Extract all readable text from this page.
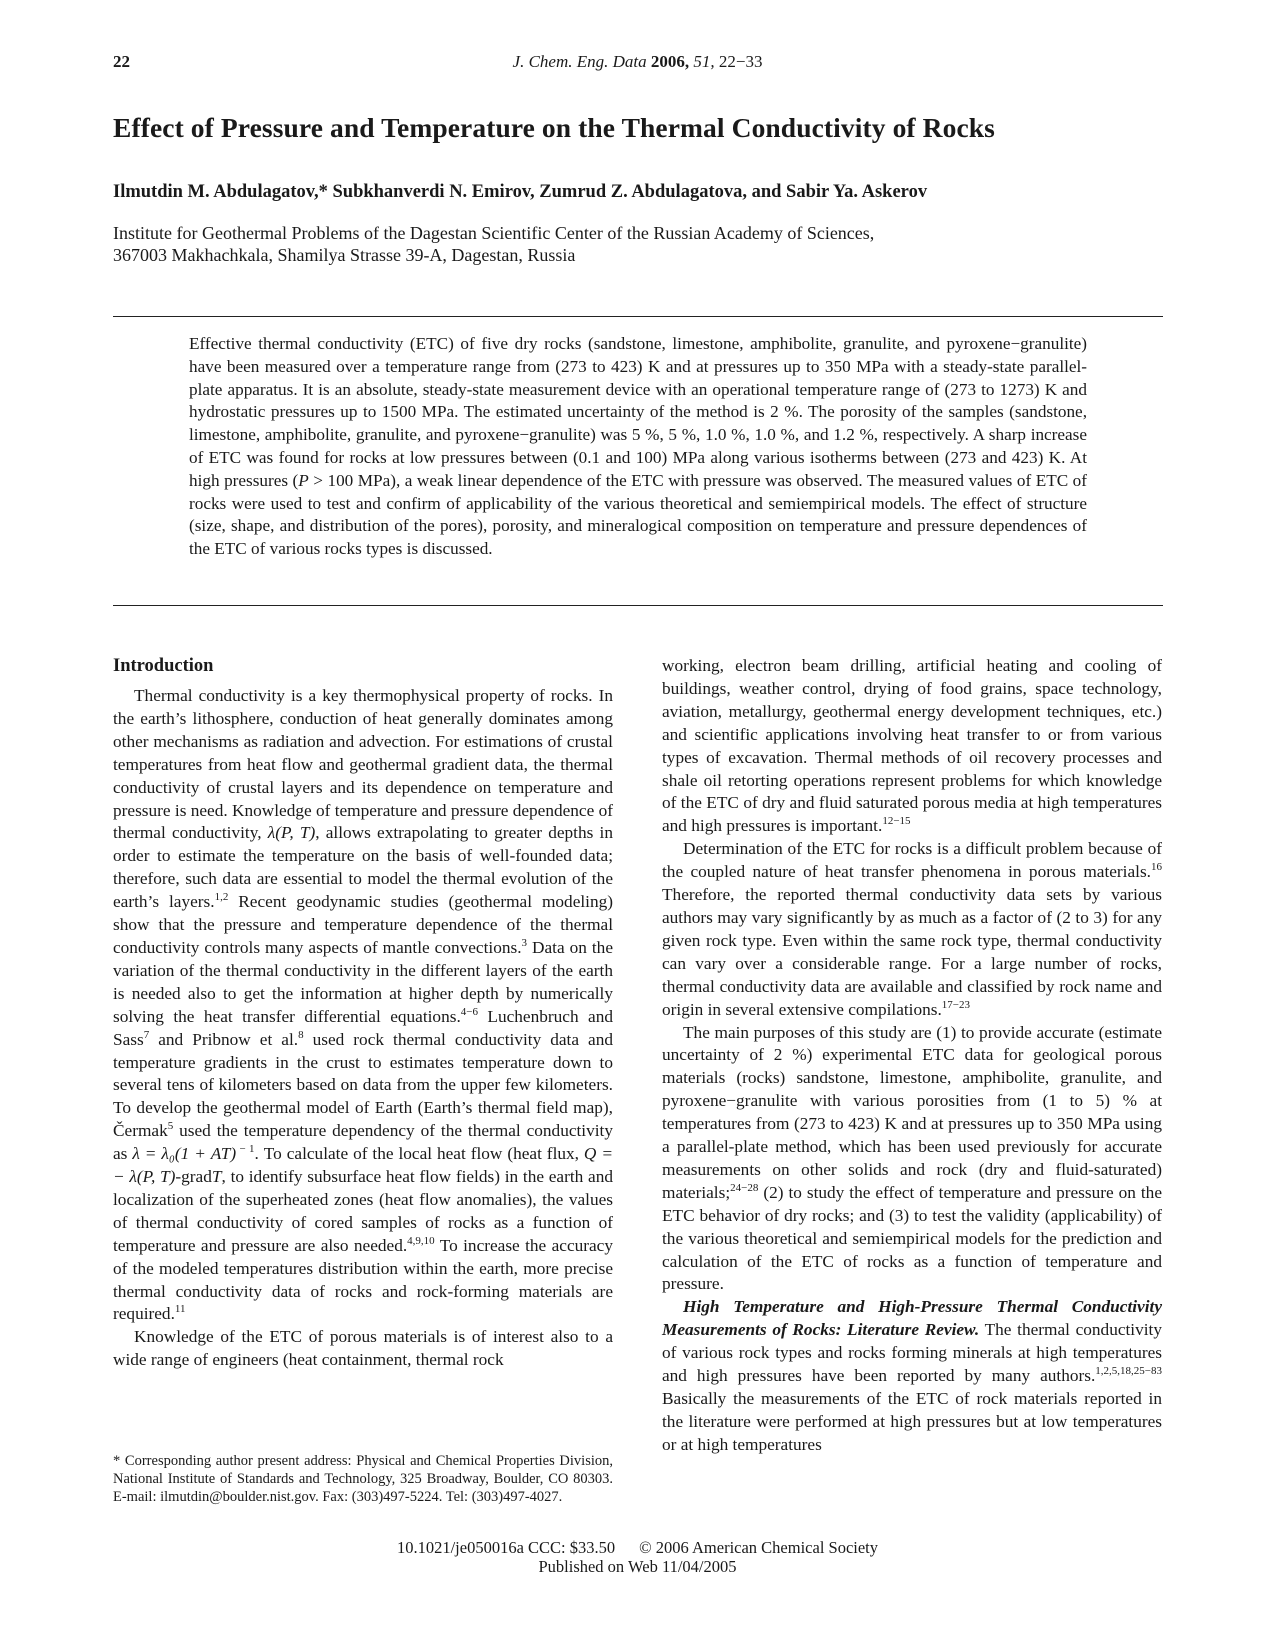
22	J. Chem. Eng. Data 2006, 51, 22−33
Effect of Pressure and Temperature on the Thermal Conductivity of Rocks
Ilmutdin M. Abdulagatov,* Subkhanverdi N. Emirov, Zumrud Z. Abdulagatova, and Sabir Ya. Askerov
Institute for Geothermal Problems of the Dagestan Scientific Center of the Russian Academy of Sciences,
367003 Makhachkala, Shamilya Strasse 39-A, Dagestan, Russia
Effective thermal conductivity (ETC) of five dry rocks (sandstone, limestone, amphibolite, granulite, and pyroxene−granulite) have been measured over a temperature range from (273 to 423) K and at pressures up to 350 MPa with a steady-state parallel-plate apparatus. It is an absolute, steady-state measurement device with an operational temperature range of (273 to 1273) K and hydrostatic pressures up to 1500 MPa. The estimated uncertainty of the method is 2 %. The porosity of the samples (sandstone, limestone, amphibolite, granulite, and pyroxene−granulite) was 5 %, 5 %, 1.0 %, 1.0 %, and 1.2 %, respectively. A sharp increase of ETC was found for rocks at low pressures between (0.1 and 100) MPa along various isotherms between (273 and 423) K. At high pressures (P > 100 MPa), a weak linear dependence of the ETC with pressure was observed. The measured values of ETC of rocks were used to test and confirm of applicability of the various theoretical and semiempirical models. The effect of structure (size, shape, and distribution of the pores), porosity, and mineralogical composition on temperature and pressure dependences of the ETC of various rocks types is discussed.
Introduction

Thermal conductivity is a key thermophysical property of rocks. In the earth’s lithosphere, conduction of heat generally dominates among other mechanisms as radiation and advection. For estimations of crustal temperatures from heat flow and geothermal gradient data, the thermal conductivity of crustal layers and its dependence on temperature and pressure is need. Knowledge of temperature and pressure dependence of thermal conductivity, λ(P, T), allows extrapolating to greater depths in order to estimate the temperature on the basis of well-founded data; therefore, such data are essential to model the thermal evolution of the earth’s layers.$^{1,2}$ Recent geodynamic studies (geothermal modeling) show that the pressure and temperature dependence of the thermal conductivity controls many aspects of mantle convections.$^3$ Data on the variation of the thermal conductivity in the different layers of the earth is needed also to get the information at higher depth by numerically solving the heat transfer differential equations.$^{4-6}$ Luchenbruch and Sass$^7$ and Pribnow et al.$^8$ used rock thermal conductivity data and temperature gradients in the crust to estimates temperature down to several tens of kilometers based on data from the upper few kilometers. To develop the geothermal model of Earth (Earth’s thermal field map), Čermak$^5$ used the temperature dependency of the thermal conductivity as λ = λ₀(1 + AT) $^{- 1}$. To calculate of the local heat flow (heat flux, Q = − λ(P, T)-gradT, to identify subsurface heat flow fields) in the earth and localization of the superheated zones (heat flow anomalies), the values of thermal conductivity of cored samples of rocks as a function of temperature and pressure are also needed.$^{4,9,10}$ To increase the accuracy of the modeled temperatures distribution within the earth, more precise thermal conductivity data of rocks and rock-forming materials are required.$^{11}$

Knowledge of the ETC of porous materials is of interest also to a wide range of engineers (heat containment, thermal rock

working, electron beam drilling, artificial heating and cooling of buildings, weather control, drying of food grains, space technology, aviation, metallurgy, geothermal energy development techniques, etc.) and scientific applications involving heat transfer to or from various types of excavation. Thermal methods of oil recovery processes and shale oil retorting operations represent problems for which knowledge of the ETC of dry and fluid saturated porous media at high temperatures and high pressures is important.$^{12-15}$

Determination of the ETC for rocks is a difficult problem because of the coupled nature of heat transfer phenomena in porous materials.$^{16}$ Therefore, the reported thermal conductivity data sets by various authors may vary significantly by as much as a factor of (2 to 3) for any given rock type. Even within the same rock type, thermal conductivity can vary over a considerable range. For a large number of rocks, thermal conductivity data are available and classified by rock name and origin in several extensive compilations.$^{17-23}$

The main purposes of this study are (1) to provide accurate (estimate uncertainty of 2 %) experimental ETC data for geological porous materials (rocks) sandstone, limestone, amphibolite, granulite, and pyroxene−granulite with various porosities from (1 to 5) % at temperatures from (273 to 423) K and at pressures up to 350 MPa using a parallel-plate method, which has been used previously for accurate measurements on other solids and rock (dry and fluid-saturated) materials;$^{24-28}$ (2) to study the effect of temperature and pressure on the ETC behavior of dry rocks; and (3) to test the validity (applicability) of the various theoretical and semiempirical models for the prediction and calculation of the ETC of rocks as a function of temperature and pressure.

High Temperature and High-Pressure Thermal Conductivity Measurements of Rocks: Literature Review. The thermal conductivity of various rock types and rocks forming minerals at high temperatures and high pressures have been reported by many authors.$^{1,2,5,18,25-83}$ Basically the measurements of the ETC of rock materials reported in the literature were performed at high pressures but at low temperatures or at high temperatures

* Corresponding author present address: Physical and Chemical Properties Division, National Institute of Standards and Technology, 325 Broadway, Boulder, CO 80303. E-mail: ilmutdin@boulder.nist.gov. Fax: (303)497-5224. Tel: (303)497-4027.
10.1021/je050016a CCC: $33.50 © 2006 American Chemical Society
Published on Web 11/04/2005
